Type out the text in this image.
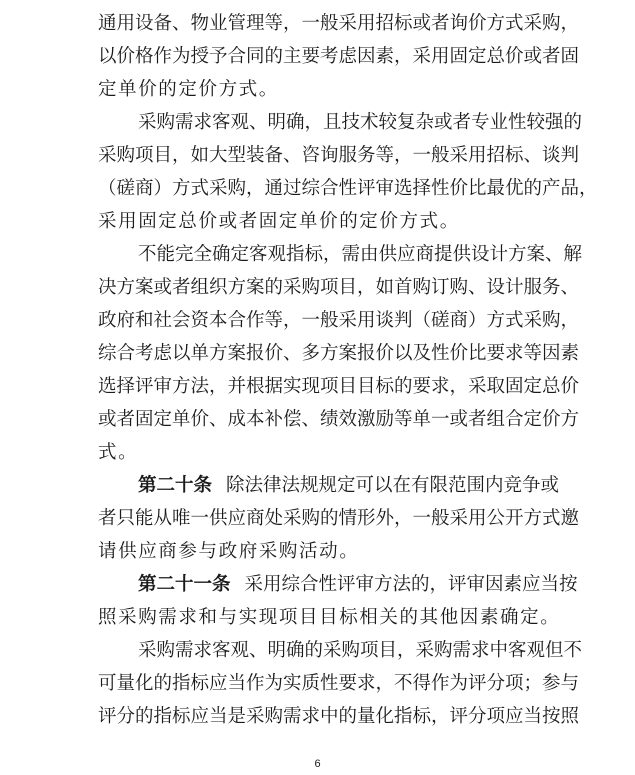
通用设备、物业管理等，一般采用招标或者询价方式采购，
以价格作为授予合同的主要考虑因素，采用固定总价或者固
定单价的定价方式。
采购需求客观、明确，且技术较复杂或者专业性较强的
采购项目，如大型装备、咨询服务等，一般采用招标、谈判
（磋商）方式采购，通过综合性评审选择性价比最优的产品，
采用固定总价或者固定单价的定价方式。
不能完全确定客观指标，需由供应商提供设计方案、解
决方案或者组织方案的采购项目，如首购订购、设计服务、
政府和社会资本合作等，一般采用谈判（磋商）方式采购，
综合考虑以单方案报价、多方案报价以及性价比要求等因素
选择评审方法，并根据实现项目目标的要求，采取固定总价
或者固定单价、成本补偿、绩效激励等单一或者组合定价方
式。
第二十条 除法律法规规定可以在有限范围内竞争或
者只能从唯一供应商处采购的情形外，一般采用公开方式邀
请供应商参与政府采购活动。
第二十一条 采用综合性评审方法的，评审因素应当按
照采购需求和与实现项目目标相关的其他因素确定。
采购需求客观、明确的采购项目，采购需求中客观但不
可量化的指标应当作为实质性要求，不得作为评分项；参与
评分的指标应当是采购需求中的量化指标，评分项应当按照
6
